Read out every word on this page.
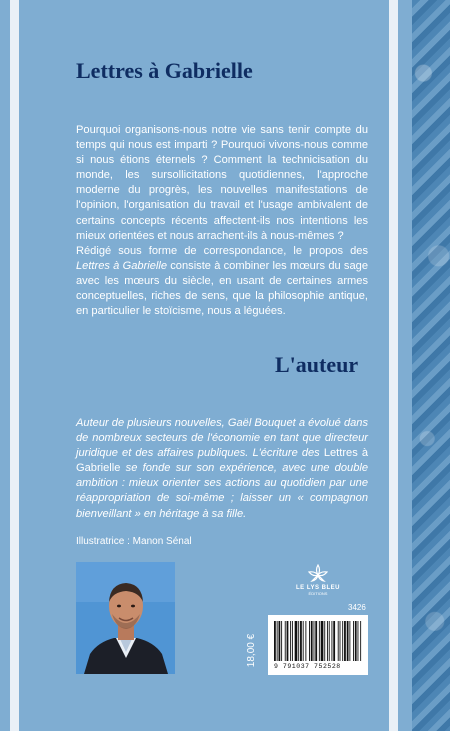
Lettres à Gabrielle

Pourquoi organisons-nous notre vie sans tenir compte du temps qui nous est imparti ? Pourquoi vivons-nous comme si nous étions éternels ? Comment la technicisation du monde, les sursollicitations quotidiennes, l'approche moderne du progrès, les nouvelles manifestations de l'opinion, l'organisation du travail et l'usage ambivalent de certains concepts récents affectent-ils nos intentions les mieux orientées et nous arrachent-ils à nous-mêmes ?

Rédigé sous forme de correspondance, le propos des Lettres à Gabrielle consiste à combiner les mœurs du sage avec les mœurs du siècle, en usant de certaines armes conceptuelles, riches de sens, que la philosophie antique, en particulier le stoïcisme, nous a léguées.

L'auteur

Auteur de plusieurs nouvelles, Gaël Bouquet a évolué dans de nombreux secteurs de l'économie en tant que directeur juridique et des affaires publiques. L'écriture des Lettres à Gabrielle se fonde sur son expérience, avec une double ambition : mieux orienter ses actions au quotidien par une réappropriation de soi-même ; laisser un « compagnon bienveillant » en héritage à sa fille.

Illustratrice : Manon Sénal

LE LYS BLEU
ÉDITIONS
3426
18,00 €	9 791037 752528
